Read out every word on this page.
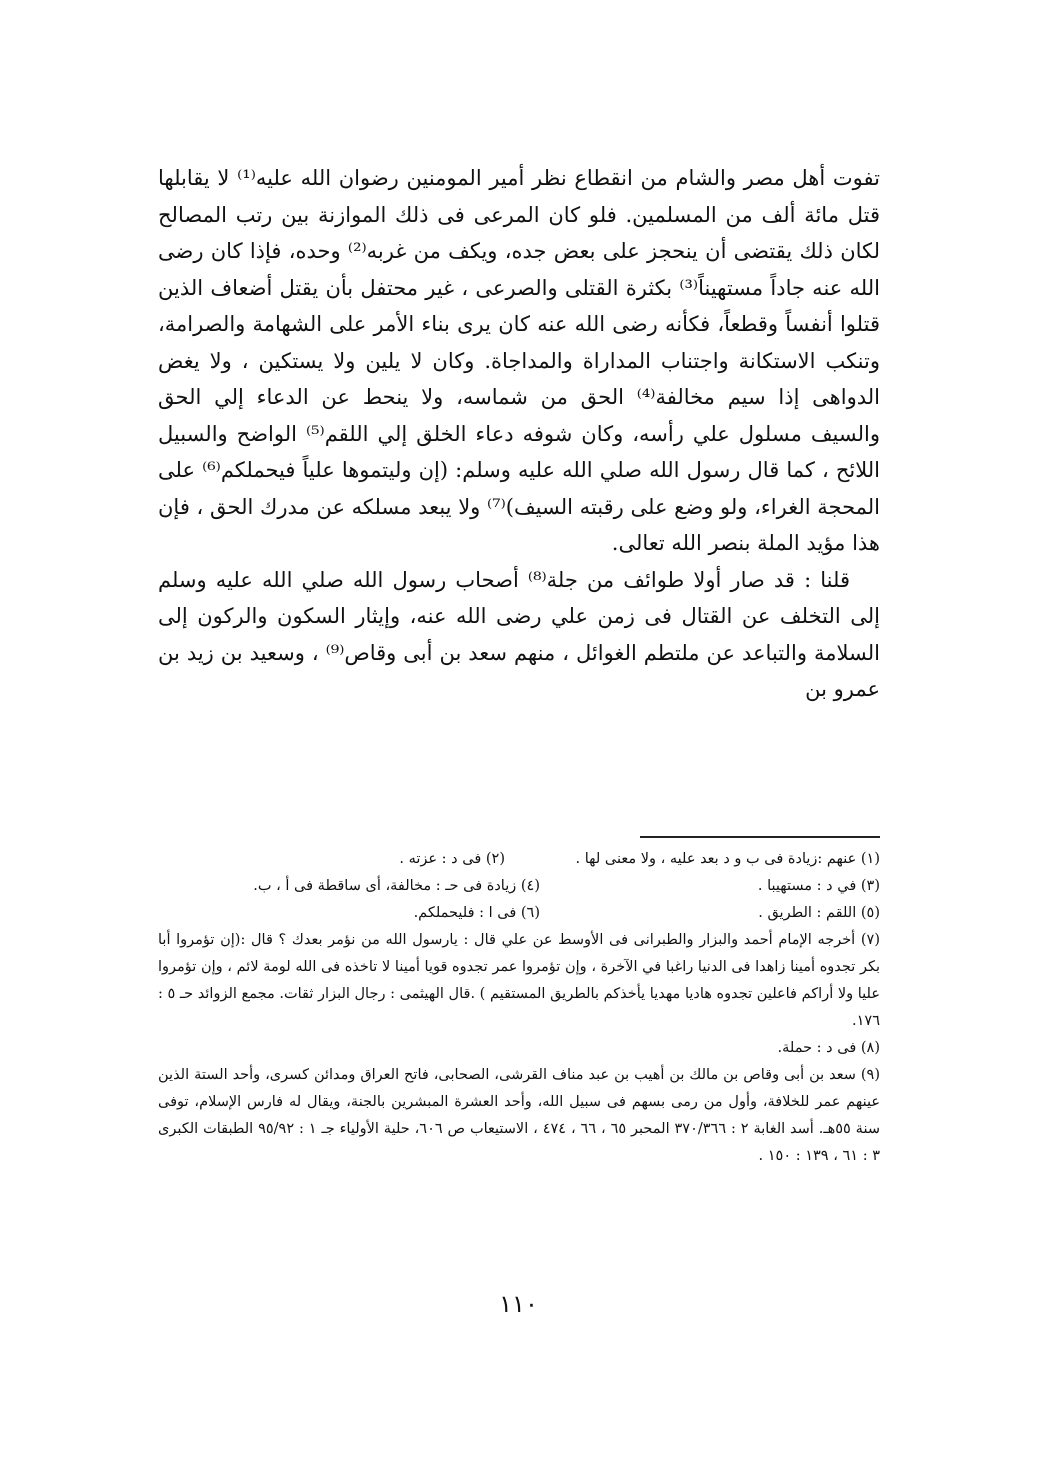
تفوت أهل مصر والشام من انقطاع نظر أمير المومنين رضوان الله عليه⁽¹⁾ لا يقابلها قتل مائة ألف من المسلمين. فلو كان المرعى فى ذلك الموازنة بين رتب المصالح لكان ذلك يقتضى أن ينحجز على بعض جده، ويكف من غربه⁽²⁾ وحده، فإذا كان رضى الله عنه جاداً مستهيناً⁽³⁾ بكثرة القتلى والصرعى ، غير محتفل بأن يقتل أضعاف الذين قتلوا أنفساً وقطعاً، فكأنه رضى الله عنه كان يرى بناء الأمر على الشهامة والصرامة، وتنكب الاستكانة واجتناب المداراة والمداجاة. وكان لا يلين ولا يستكين ، ولا يغض الدواهى إذا سيم مخالفة⁽⁴⁾ الحق من شماسه، ولا ينحط عن الدعاء إلي الحق والسيف مسلول علي رأسه، وكان شوفه دعاء الخلق إلي اللقم⁽⁵⁾ الواضح والسبيل اللائح ، كما قال رسول الله صلي الله عليه وسلم: (إن وليتموها علياً فيحملكم⁽⁶⁾ على المحجة الغراء، ولو وضع على رقبته السيف)⁽⁷⁾ ولا يبعد مسلكه عن مدرك الحق ، فإن هذا مؤيد الملة بنصر الله تعالى.

قلنا : قد صار أولا طوائف من جلة⁽⁸⁾ أصحاب رسول الله صلي الله عليه وسلم إلى التخلف عن القتال فى زمن علي رضى الله عنه، وإيثار السكون والركون إلى السلامة والتباعد عن ملتطم الغوائل ، منهم سعد بن أبى وقاص⁽⁹⁾ ، وسعيد بن زيد بن عمرو بن

(١) عنهم :زيادة فى ب و د بعد عليه ، ولا معنى لها .
(٢) فى د : عزته .
(٣) في د : مستهيبا .
(٤) زيادة فى حـ : مخالفة، أى ساقطة فى أ ، ب.
(٥) اللقم : الطريق .
(٦) فى ا : فليحملكم.
(٧) أخرجه الإمام أحمد والبزار والطبرانى فى الأوسط عن علي قال : يارسول الله من نؤمر بعدك ؟ قال :(إن تؤمروا أبا بكر تجدوه أمينا زاهدا فى الدنيا راغبا في الآخرة ، وإن تؤمروا عمر تجدوه قويا أمينا لا تاخذه فى الله لومة لائم ، وإن تؤمروا عليا ولا أراكم فاعلين تجدوه هاديا مهديا يأخذكم بالطريق المستقيم ) .قال الهيثمى : رجال البزار ثقات. مجمع الزوائد حـ ٥ : ١٧٦.
(٨) فى د : حملة.
(٩) سعد بن أبى وقاص بن مالك بن أهيب بن عبد مناف القرشى، الصحابى، فاتح العراق ومدائن كسرى، وأحد الستة الذين عينهم عمر للخلافة، وأول من رمى بسهم فى سبيل الله، وأحد العشرة المبشرين بالجنة، ويقال له فارس الإسلام، توفى سنة ٥٥هـ. أسد الغابة ٢ : ٣٧٠/٣٦٦ المحبر ٦٥ ، ٦٦ ، ٤٧٤ ، الاستيعاب ص ٦٠٦، حلية الأولياء جـ ١ : ٩٥/٩٢ الطبقات الكبرى ٣ : ٦١ ، ١٣٩ : ١٥٠ .
١١٠
